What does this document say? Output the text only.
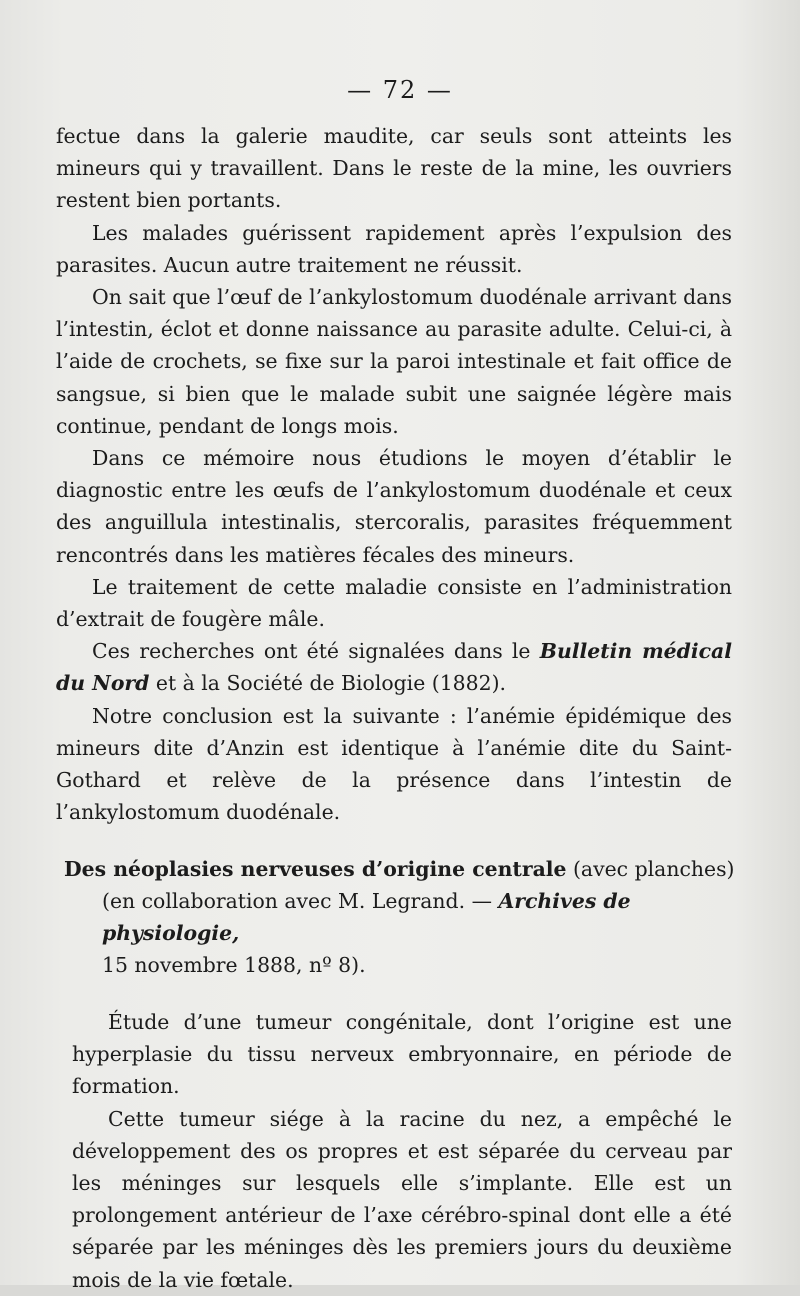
— 72 —

fectue dans la galerie maudite, car seuls sont atteints les mineurs qui y travaillent. Dans le reste de la mine, les ouvriers restent bien portants.

Les malades guérissent rapidement après l’expulsion des parasites. Aucun autre traitement ne réussit.

On sait que l’œuf de l’ankylostomum duodénale arrivant dans l’intestin, éclot et donne naissance au parasite adulte. Celui-ci, à l’aide de crochets, se fixe sur la paroi intestinale et fait office de sangsue, si bien que le malade subit une saignée légère mais continue, pendant de longs mois.

Dans ce mémoire nous étudions le moyen d’établir le diagnostic entre les œufs de l’ankylostomum duodénale et ceux des anguillula intestinalis, stercoralis, parasites fréquemment rencontrés dans les matières fécales des mineurs.

Le traitement de cette maladie consiste en l’administration d’extrait de fougère mâle.

Ces recherches ont été signalées dans le Bulletin médical du Nord et à la Société de Biologie (1882).

Notre conclusion est la suivante : l’anémie épidémique des mineurs dite d’Anzin est identique à l’anémie dite du Saint-Gothard et relève de la présence dans l’intestin de l’ankylostomum duodénale.

Des néoplasies nerveuses d’origine centrale (avec planches)
(en collaboration avec M. Legrand. — Archives de physiologie,
15 novembre 1888, nº 8).

Étude d’une tumeur congénitale, dont l’origine est une hyperplasie du tissu nerveux embryonnaire, en période de formation.

Cette tumeur siége à la racine du nez, a empêché le développement des os propres et est séparée du cerveau par les méninges sur lesquels elle s’implante. Elle est un prolongement antérieur de l’axe cérébro-spinal dont elle a été séparée par les méninges dès les premiers jours du deuxième mois de la vie fœtale.
